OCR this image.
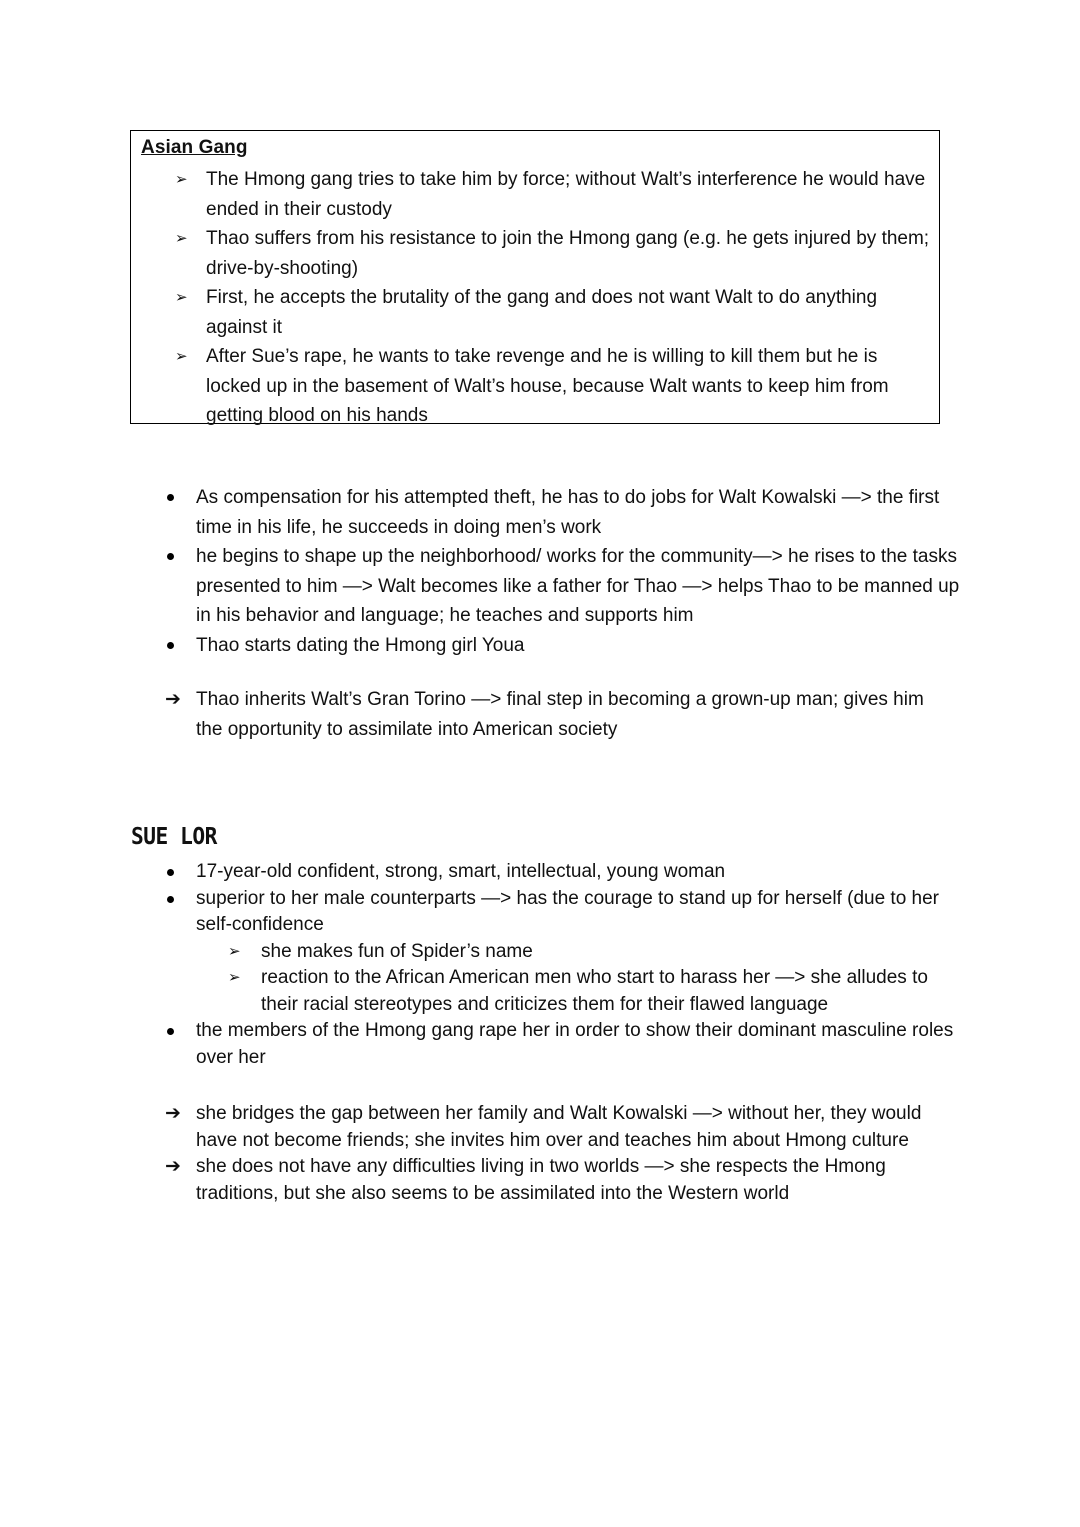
Asian Gang
➢ The Hmong gang tries to take him by force; without Walt’s interference he would have ended in their custody
➢ Thao suffers from his resistance to join the Hmong gang (e.g. he gets injured by them; drive-by-shooting)
➢ First, he accepts the brutality of the gang and does not want Walt to do anything against it
➢ After Sue’s rape, he wants to take revenge and he is willing to kill them but he is locked up in the basement of Walt’s house, because Walt wants to keep him from getting blood on his hands
As compensation for his attempted theft, he has to do jobs for Walt Kowalski —> the first time in his life, he succeeds in doing men’s work
he begins to shape up the neighborhood/ works for the community—> he rises to the tasks presented to him —> Walt becomes like a father for Thao —> helps Thao to be manned up in his behavior and language; he teaches and supports him
Thao starts dating the Hmong girl Youa
➔ Thao inherits Walt’s Gran Torino —> final step in becoming a grown-up man; gives him the opportunity to assimilate into American society
SUE LOR
17-year-old confident, strong, smart, intellectual, young woman
superior to her male counterparts —> has the courage to stand up for herself (due to her self-confidence
➢ she makes fun of Spider’s name
➢ reaction to the African American men who start to harass her —> she alludes to their racial stereotypes and criticizes them for their flawed language
the members of the Hmong gang rape her in order to show their dominant masculine roles over her
➔ she bridges the gap between her family and Walt Kowalski —> without her, they would have not become friends; she invites him over and teaches him about Hmong culture
➔ she does not have any difficulties living in two worlds —> she respects the Hmong traditions, but she also seems to be assimilated into the Western world
